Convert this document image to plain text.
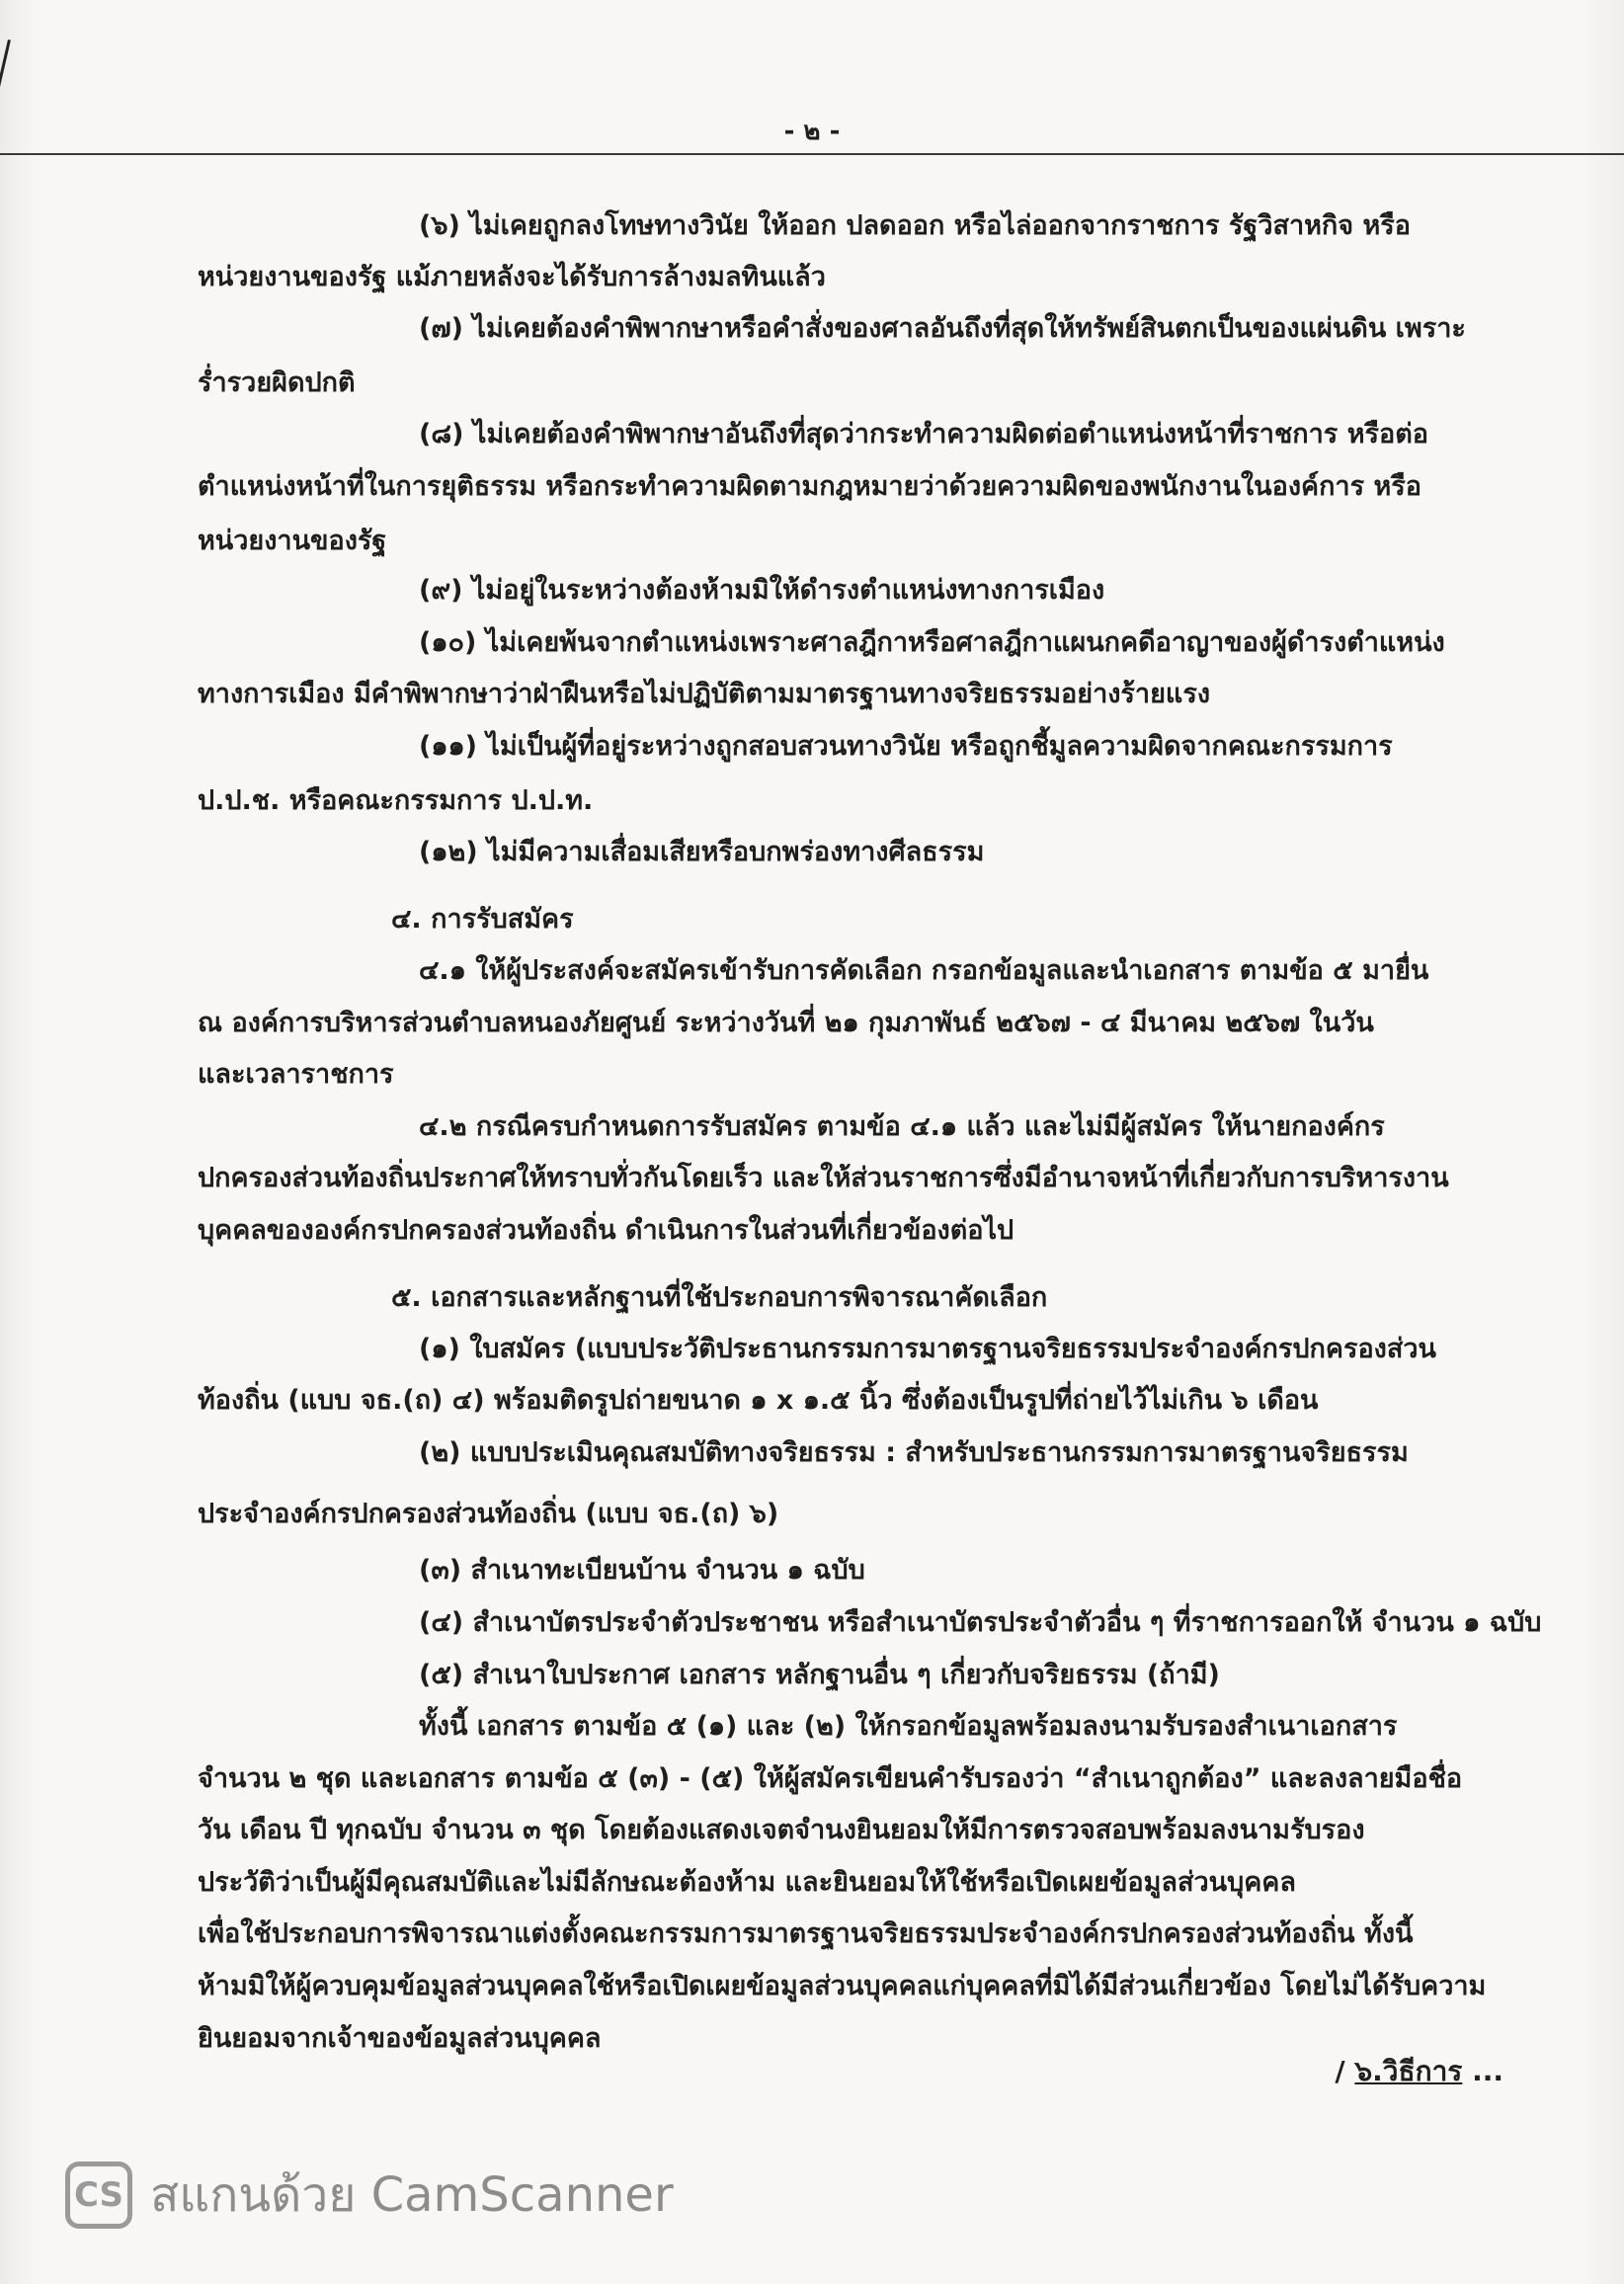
- ๒ -

(๖) ไม่เคยถูกลงโทษทางวินัย ให้ออก ปลดออก หรือไล่ออกจากราชการ รัฐวิสาหกิจ หรือ

หน่วยงานของรัฐ แม้ภายหลังจะได้รับการล้างมลทินแล้ว

(๗) ไม่เคยต้องคำพิพากษาหรือคำสั่งของศาลอันถึงที่สุดให้ทรัพย์สินตกเป็นของแผ่นดิน เพราะ

ร่ำรวยผิดปกติ

(๘) ไม่เคยต้องคำพิพากษาอันถึงที่สุดว่ากระทำความผิดต่อตำแหน่งหน้าที่ราชการ หรือต่อ

ตำแหน่งหน้าที่ในการยุติธรรม หรือกระทำความผิดตามกฎหมายว่าด้วยความผิดของพนักงานในองค์การ หรือ

หน่วยงานของรัฐ

(๙) ไม่อยู่ในระหว่างต้องห้ามมิให้ดำรงตำแหน่งทางการเมือง

(๑๐) ไม่เคยพ้นจากตำแหน่งเพราะศาลฎีกาหรือศาลฎีกาแผนกคดีอาญาของผู้ดำรงตำแหน่ง

ทางการเมือง มีคำพิพากษาว่าฝ่าฝืนหรือไม่ปฏิบัติตามมาตรฐานทางจริยธรรมอย่างร้ายแรง

(๑๑) ไม่เป็นผู้ที่อยู่ระหว่างถูกสอบสวนทางวินัย หรือถูกชี้มูลความผิดจากคณะกรรมการ

ป.ป.ช. หรือคณะกรรมการ ป.ป.ท.

(๑๒) ไม่มีความเสื่อมเสียหรือบกพร่องทางศีลธรรม

๔. การรับสมัคร

๔.๑ ให้ผู้ประสงค์จะสมัครเข้ารับการคัดเลือก กรอกข้อมูลและนำเอกสาร ตามข้อ ๕ มายื่น

ณ องค์การบริหารส่วนตำบลหนองภัยศูนย์ ระหว่างวันที่ ๒๑ กุมภาพันธ์ ๒๕๖๗ - ๔ มีนาคม ๒๕๖๗ ในวัน

และเวลาราชการ

๔.๒ กรณีครบกำหนดการรับสมัคร ตามข้อ ๔.๑ แล้ว และไม่มีผู้สมัคร ให้นายกองค์กร

ปกครองส่วนท้องถิ่นประกาศให้ทราบทั่วกันโดยเร็ว และให้ส่วนราชการซึ่งมีอำนาจหน้าที่เกี่ยวกับการบริหารงาน

บุคคลขององค์กรปกครองส่วนท้องถิ่น ดำเนินการในส่วนที่เกี่ยวข้องต่อไป

๕. เอกสารและหลักฐานที่ใช้ประกอบการพิจารณาคัดเลือก

(๑) ใบสมัคร (แบบประวัติประธานกรรมการมาตรฐานจริยธรรมประจำองค์กรปกครองส่วน

ท้องถิ่น (แบบ จธ.(ถ) ๔) พร้อมติดรูปถ่ายขนาด ๑ x ๑.๕ นิ้ว ซึ่งต้องเป็นรูปที่ถ่ายไว้ไม่เกิน ๖ เดือน

(๒) แบบประเมินคุณสมบัติทางจริยธรรม : สำหรับประธานกรรมการมาตรฐานจริยธรรม

ประจำองค์กรปกครองส่วนท้องถิ่น (แบบ จธ.(ถ) ๖)

(๓) สำเนาทะเบียนบ้าน จำนวน ๑ ฉบับ

(๔) สำเนาบัตรประจำตัวประชาชน หรือสำเนาบัตรประจำตัวอื่น ๆ ที่ราชการออกให้ จำนวน ๑ ฉบับ

(๕) สำเนาใบประกาศ เอกสาร หลักฐานอื่น ๆ เกี่ยวกับจริยธรรม (ถ้ามี)

ทั้งนี้ เอกสาร ตามข้อ ๕ (๑) และ (๒) ให้กรอกข้อมูลพร้อมลงนามรับรองสำเนาเอกสาร

จำนวน ๒ ชุด และเอกสาร ตามข้อ ๕ (๓) - (๕) ให้ผู้สมัครเขียนคำรับรองว่า “สำเนาถูกต้อง” และลงลายมือชื่อ

วัน เดือน ปี ทุกฉบับ จำนวน ๓ ชุด โดยต้องแสดงเจตจำนงยินยอมให้มีการตรวจสอบพร้อมลงนามรับรอง

ประวัติว่าเป็นผู้มีคุณสมบัติและไม่มีลักษณะต้องห้าม และยินยอมให้ใช้หรือเปิดเผยข้อมูลส่วนบุคคล

เพื่อใช้ประกอบการพิจารณาแต่งตั้งคณะกรรมการมาตรฐานจริยธรรมประจำองค์กรปกครองส่วนท้องถิ่น ทั้งนี้

ห้ามมิให้ผู้ควบคุมข้อมูลส่วนบุคคลใช้หรือเปิดเผยข้อมูลส่วนบุคคลแก่บุคคลที่มิได้มีส่วนเกี่ยวข้อง โดยไม่ได้รับความ

ยินยอมจากเจ้าของข้อมูลส่วนบุคคล

/ ๖.วิธีการ ...
CS สแกนด้วย CamScanner
